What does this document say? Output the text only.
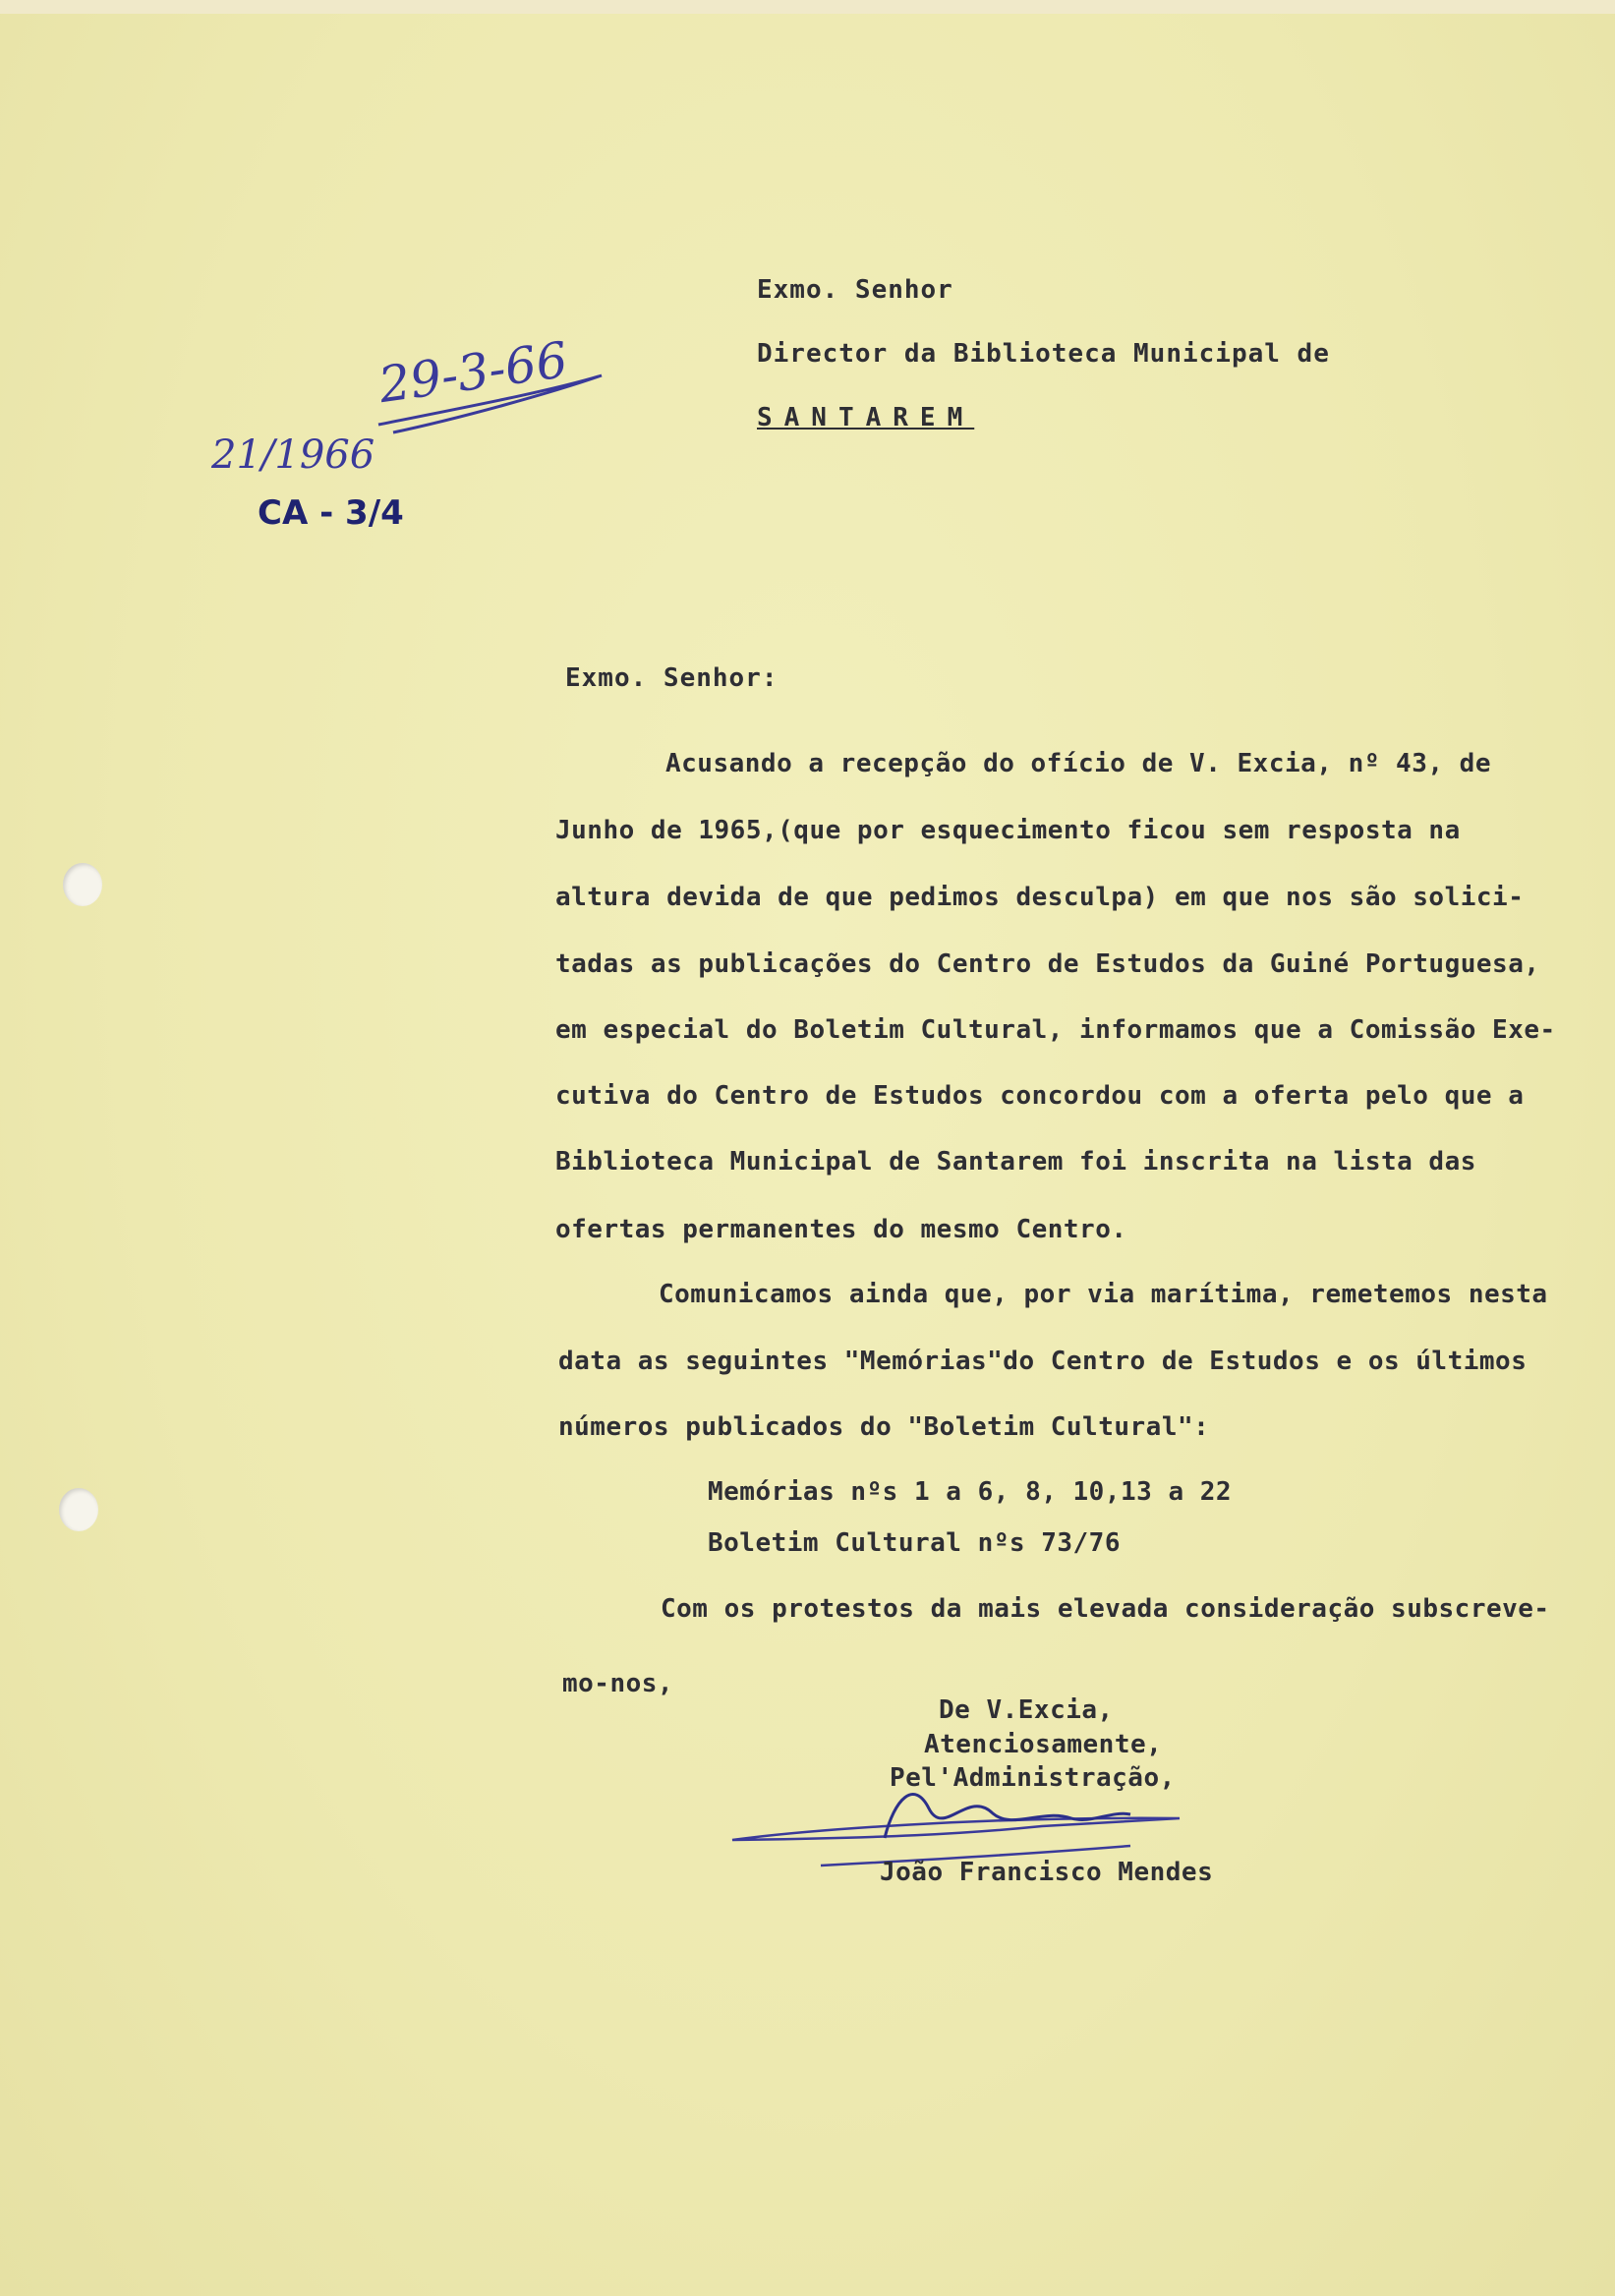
Exmo. Senhor
Director da Biblioteca Municipal de
SANTAREM
29-3-66
21/1966
CA - 3/4
Exmo. Senhor:
Acusando a recepção do ofício de V. Excia, nº 43, de
Junho de 1965,(que por esquecimento ficou sem resposta na
altura devida de que pedimos desculpa) em que nos são solici-
tadas as publicações do Centro de Estudos da Guiné Portuguesa,
em especial do Boletim Cultural, informamos que a Comissão Exe-
cutiva do Centro de Estudos concordou com a oferta pelo que a
Biblioteca Municipal de Santarem foi inscrita na lista das
ofertas permanentes do mesmo Centro.
Comunicamos ainda que, por via marítima, remetemos nesta
data as seguintes "Memórias"do Centro de Estudos e os últimos
números publicados do "Boletim Cultural":
Memórias nºs 1 a 6, 8, 10,13 a 22
Boletim Cultural nºs 73/76
Com os protestos da mais elevada consideração subscreve-
mo-nos,
De V.Excia,
Atenciosamente,
Pel'Administração,
João Francisco Mendes
